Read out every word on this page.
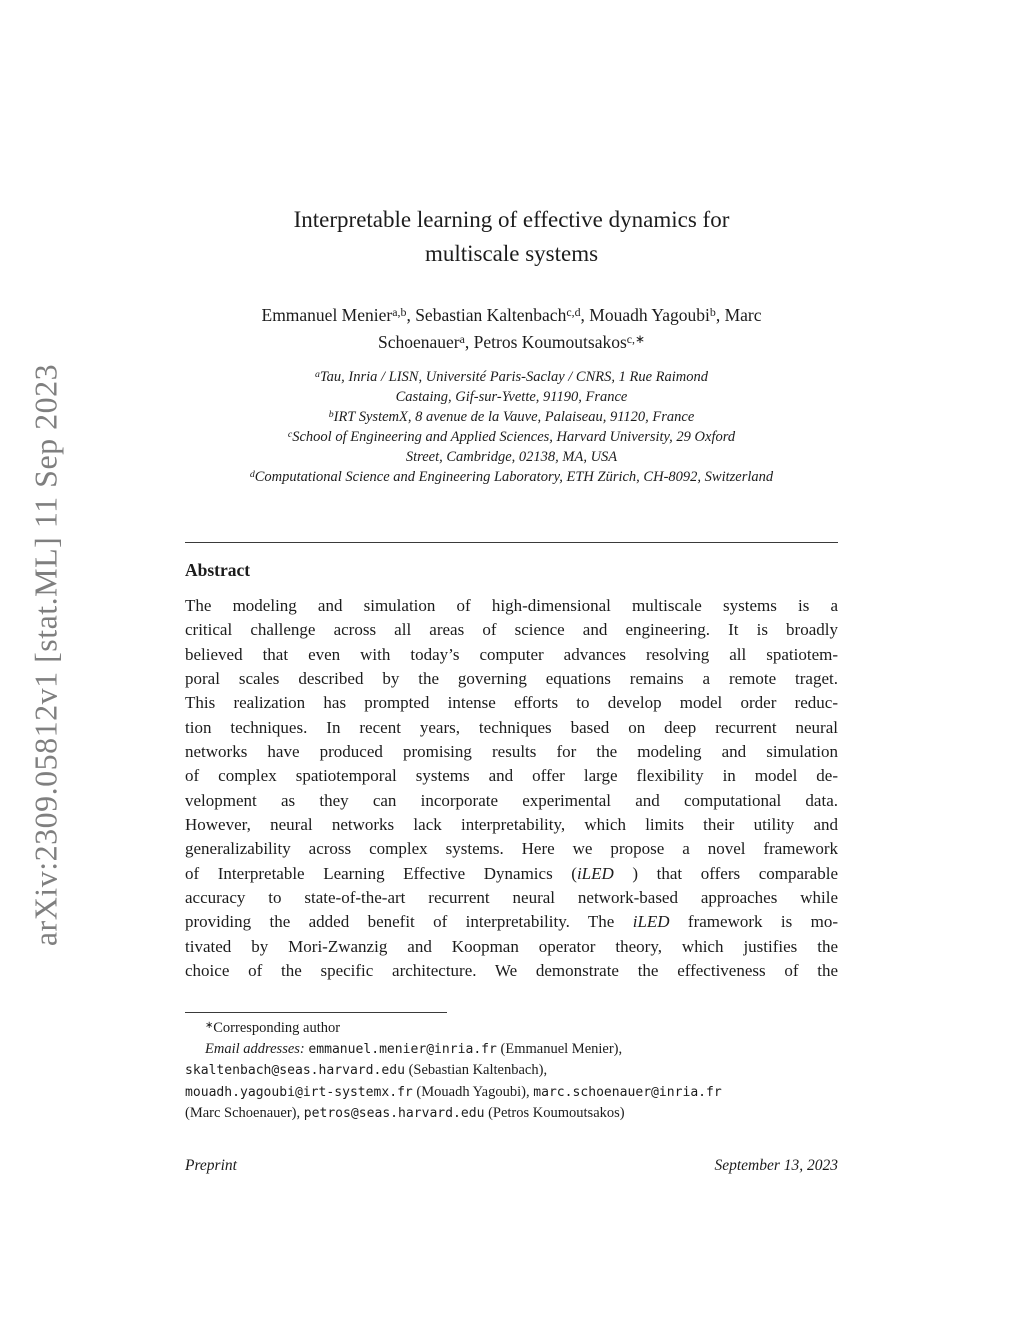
arXiv:2309.05812v1 [stat.ML] 11 Sep 2023
Interpretable learning of effective dynamics for
multiscale systems
Emmanuel Menier$^{a,b}$, Sebastian Kaltenbach$^{c,d}$, Mouadh Yagoubi$^b$, Marc
Schoenauer$^a$, Petros Koumoutsakos$^{c,∗}$
$^a$Tau, Inria / LISN, Université Paris-Saclay / CNRS, 1 Rue Raimond
Castaing, Gif-sur-Yvette, 91190, France
$^b$IRT SystemX, 8 avenue de la Vauve, Palaiseau, 91120, France
$^c$School of Engineering and Applied Sciences, Harvard University, 29 Oxford
Street, Cambridge, 02138, MA, USA
$^d$Computational Science and Engineering Laboratory, ETH Zürich, CH-8092, Switzerland
Abstract
The modeling and simulation of high-dimensional multiscale systems is a
critical challenge across all areas of science and engineering. It is broadly
believed that even with today’s computer advances resolving all spatiotem-
poral scales described by the governing equations remains a remote traget.
This realization has prompted intense efforts to develop model order reduc-
tion techniques. In recent years, techniques based on deep recurrent neural
networks have produced promising results for the modeling and simulation
of complex spatiotemporal systems and offer large flexibility in model de-
velopment as they can incorporate experimental and computational data.
However, neural networks lack interpretability, which limits their utility and
generalizability across complex systems. Here we propose a novel framework
of Interpretable Learning Effective Dynamics (iLED ) that offers comparable
accuracy to state-of-the-art recurrent neural network-based approaches while
providing the added benefit of interpretability. The iLED framework is mo-
tivated by Mori-Zwanzig and Koopman operator theory, which justifies the
choice of the specific architecture. We demonstrate the effectiveness of the
∗Corresponding author
Email addresses: emmanuel.menier@inria.fr (Emmanuel Menier),
skaltenbach@seas.harvard.edu (Sebastian Kaltenbach),
mouadh.yagoubi@irt-systemx.fr (Mouadh Yagoubi), marc.schoenauer@inria.fr
(Marc Schoenauer), petros@seas.harvard.edu (Petros Koumoutsakos)
Preprint	September 13, 2023
